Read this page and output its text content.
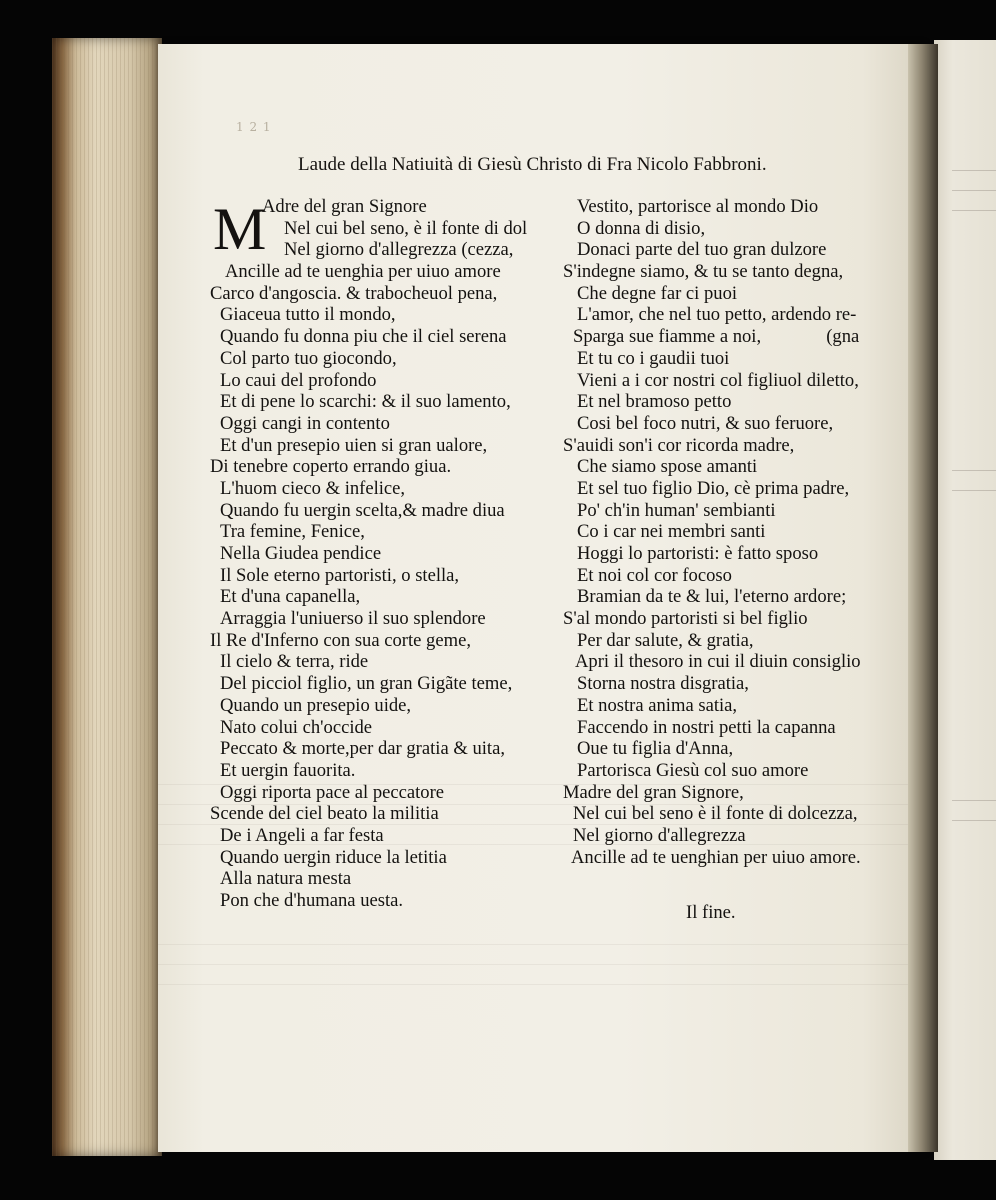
1 2 1
Laude della Natiuità di Giesù Christo di Fra Nicolo Fabbroni.
M
Adre del gran Signore
Nel cui bel seno, è il fonte di dol
Nel giorno d'allegrezza (cezza,
Ancille ad te uenghia per uiuo amore
Carco d'angoscia. & trabocheuol pena,
Giaceua tutto il mondo,
Quando fu donna piu che il ciel serena
Col parto tuo giocondo,
Lo caui del profondo
Et di pene lo scarchi: & il suo lamento,
Oggi cangi in contento
Et d'un presepio uien si gran ualore,
Di tenebre coperto errando giua.
L'huom cieco & infelice,
Quando fu uergin scelta,& madre diua
Tra femine, Fenice,
Nella Giudea pendice
Il Sole eterno partoristi, o stella,
Et d'una capanella,
Arraggia l'uniuerso il suo splendore
Il Re d'Inferno con sua corte geme,
Il cielo & terra, ride
Del picciol figlio, un gran Gigãte teme,
Quando un presepio uide,
Nato colui ch'occide
Peccato & morte,per dar gratia & uita,
Et uergin fauorita.
Oggi riporta pace al peccatore
Scende del ciel beato la militia
De i Angeli a far festa
Quando uergin riduce la letitia
Alla natura mesta
Pon che d'humana uesta.
Vestito, partorisce al mondo Dio
O donna di disio,
Donaci parte del tuo gran dulzore
S'indegne siamo, & tu se tanto degna,
Che degne far ci puoi
L'amor, che nel tuo petto, ardendo re-
Sparga sue fiamme a noi,              (gna
Et tu co i gaudii tuoi
Vieni a i cor nostri col figliuol diletto,
Et nel bramoso petto
Cosi bel foco nutri, & suo feruore,
S'auidi son'i cor ricorda madre,
Che siamo spose amanti
Et sel tuo figlio Dio, cè prima padre,
Po' ch'in human' sembianti
Co i car nei membri santi
Hoggi lo partoristi: è fatto sposo
Et noi col cor focoso
Bramian da te & lui, l'eterno ardore;
S'al mondo partoristi si bel figlio
Per dar salute, & gratia,
Apri il thesoro in cui il diuin consiglio
Storna nostra disgratia,
Et nostra anima satia,
Faccendo in nostri petti la capanna
Oue tu figlia d'Anna,
Partorisca Giesù col suo amore
Madre del gran Signore,
Nel cui bel seno è il fonte di dolcezza,
Nel giorno d'allegrezza
Ancille ad te uenghian per uiuo amore.
Il fine.
